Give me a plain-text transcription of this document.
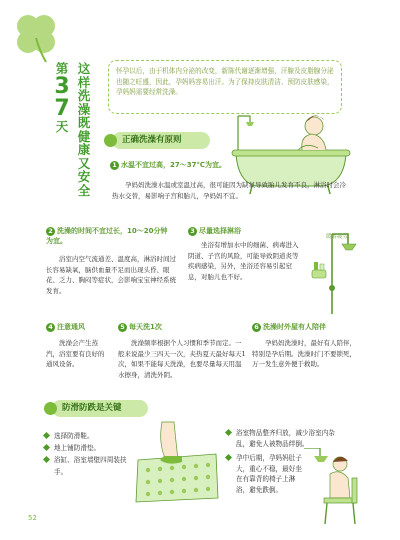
这样洗澡既健康又安全
第
37
天
怀孕以后，由于机体内分泌的改变，新陈代谢逐渐增强，汗腺及皮脂腺分泌也随之旺盛，因此，孕妈妈容易出汗。为了保持皮肤清洁、预防皮肤感染，孕妈妈需要经常洗澡。
正确洗澡有原则
1 水温不宜过高，27～37℃为宜。
孕妈妈洗澡水温或室温过高，很可能因为缺氧导致胎儿发育不良，淋浴时会冷热水交替，易影响子宫和胎儿，孕妈妈不宜。
2 洗澡的时间不宜过长，10～20分钟为宜。
浴室内空气流通差、温度高，淋浴时间过长容易缺氧，脑供血量不足而出现头昏、眼花、乏力、胸闷等症状，会影响宝宝神经系统发育。
3 尽量选择淋浴
坐浴有增加水中的细菌、病毒进入阴道、子宫的风险，可能导致阴道炎等疾病感染，另外，坐浴还容易引起窒息，对胎儿也不好。
缓解疲劳
4 注意通风
洗澡会产生蒸汽，浴室要有良好的通风设备。
5 每天洗1次
洗澡频率根据个人习惯和季节而定。一般来说最少三四天一次，夹热夏天最好每天1次，如果不能每天洗澡，也要尽量每天用温水擦身，清洗外阴。
6 洗澡时外屋有人陪伴
孕妈妈洗澡时，最好有人陪伴，特别是孕后期。洗澡时门不要锁死，万一发生意外便于救助。
防滑防跌是关键
选择防滑鞋。
地上铺防滑垫。
浴缸、浴室墙壁四周装扶手。
浴室物品整齐归放，减少浴室内杂乱，避免人被物品绊倒。
孕中后期，孕妈妈肚子大，重心不稳，最好坐在有靠背的椅子上淋浴，避免跌倒。
52
